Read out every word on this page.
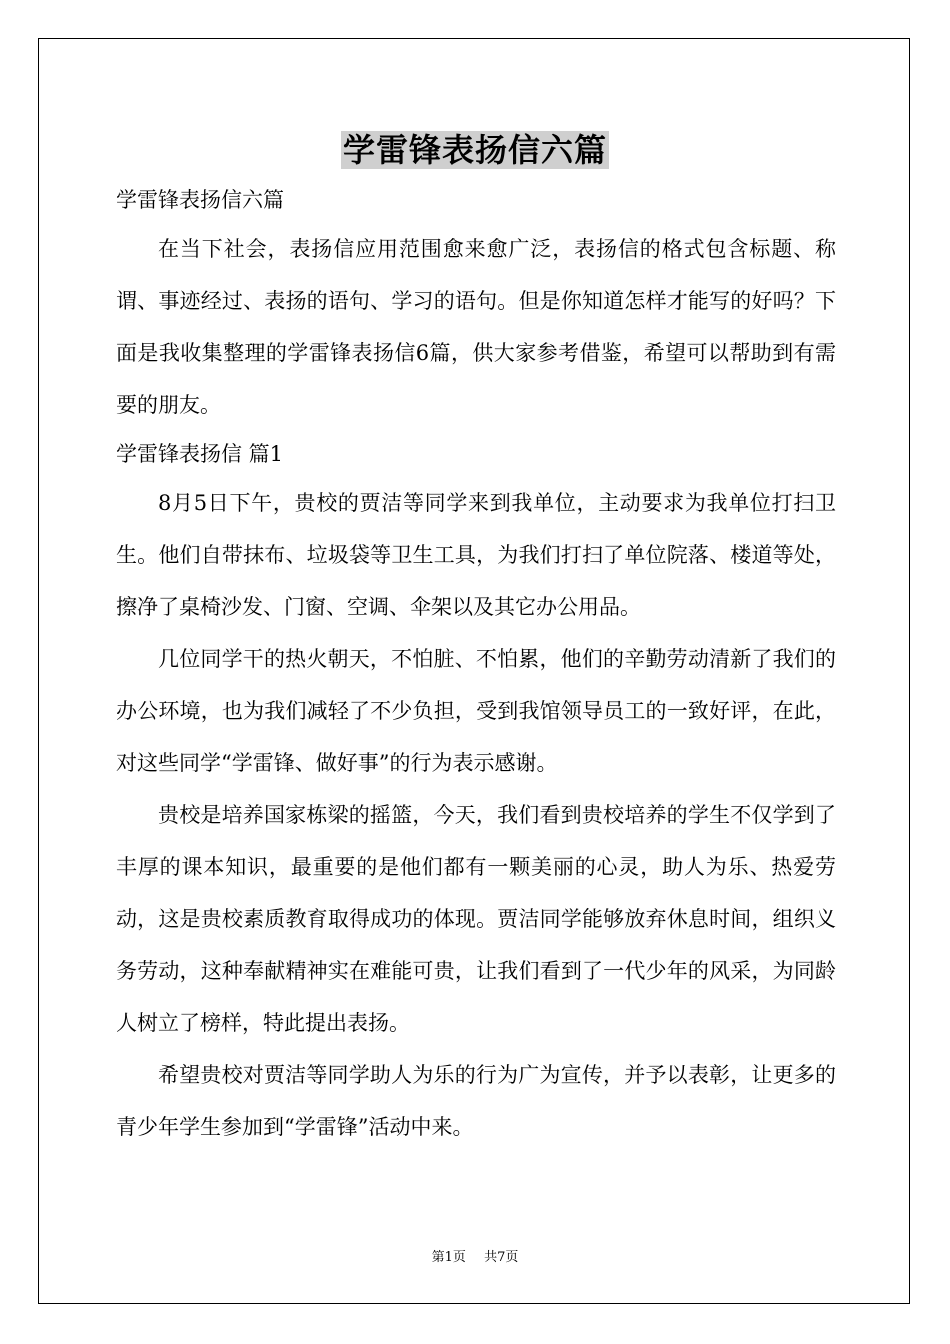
学雷锋表扬信六篇

学雷锋表扬信六篇

在当下社会，表扬信应用范围愈来愈广泛，表扬信的格式包含标题、称谓、事迹经过、表扬的语句、学习的语句。但是你知道怎样才能写的好吗？下面是我收集整理的学雷锋表扬信6篇，供大家参考借鉴，希望可以帮助到有需要的朋友。

学雷锋表扬信 篇1

8月5日下午，贵校的贾洁等同学来到我单位，主动要求为我单位打扫卫生。他们自带抹布、垃圾袋等卫生工具，为我们打扫了单位院落、楼道等处，擦净了桌椅沙发、门窗、空调、伞架以及其它办公用品。

几位同学干的热火朝天，不怕脏、不怕累，他们的辛勤劳动清新了我们的办公环境，也为我们减轻了不少负担，受到我馆领导员工的一致好评，在此，对这些同学“学雷锋、做好事”的行为表示感谢。

贵校是培养国家栋梁的摇篮，今天，我们看到贵校培养的学生不仅学到了丰厚的课本知识，最重要的是他们都有一颗美丽的心灵，助人为乐、热爱劳动，这是贵校素质教育取得成功的体现。贾洁同学能够放弃休息时间，组织义务劳动，这种奉献精神实在难能可贵，让我们看到了一代少年的风采，为同龄人树立了榜样，特此提出表扬。

希望贵校对贾洁等同学助人为乐的行为广为宣传，并予以表彰，让更多的青少年学生参加到“学雷锋”活动中来。

第1页 共7页
